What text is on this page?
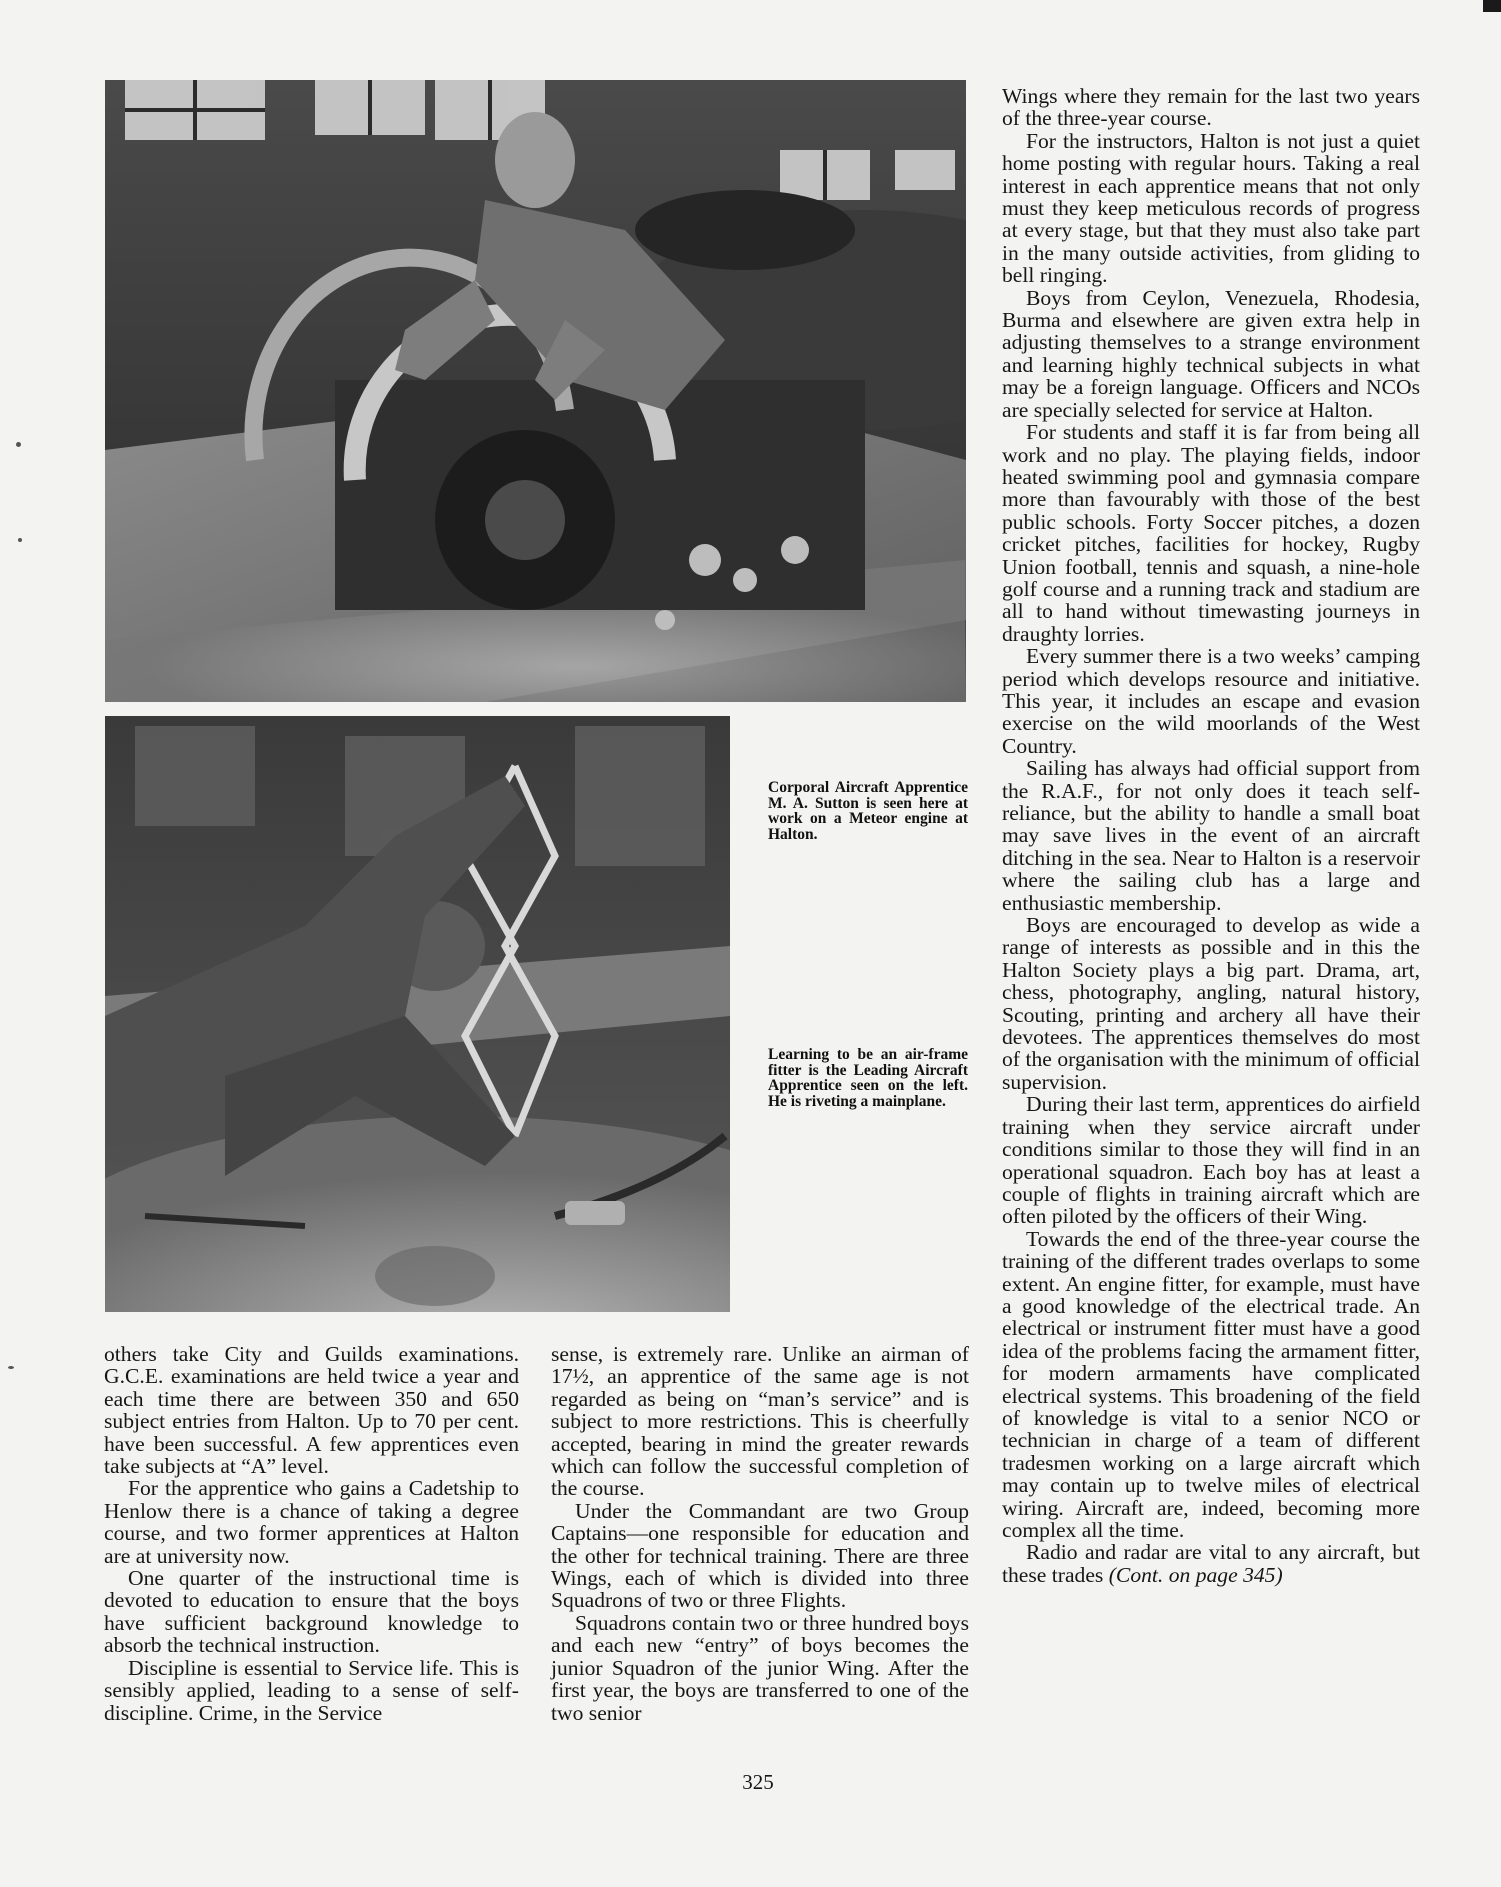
Corporal Aircraft Apprentice M. A. Sutton is seen here at work on a Meteor engine at Halton.
Learning to be an air-frame fitter is the Leading Aircraft Apprentice seen on the left. He is riveting a mainplane.

others take City and Guilds examinations. G.C.E. examinations are held twice a year and each time there are between 350 and 650 subject entries from Halton. Up to 70 per cent. have been successful. A few apprentices even take subjects at “A” level.

For the apprentice who gains a Cadetship to Henlow there is a chance of taking a degree course, and two former apprentices at Halton are at university now.

One quarter of the instructional time is devoted to education to ensure that the boys have sufficient background knowledge to absorb the technical instruction.

Discipline is essential to Service life. This is sensibly applied, leading to a sense of self-discipline. Crime, in the Service

sense, is extremely rare. Unlike an airman of 17½, an apprentice of the same age is not regarded as being on “man’s service” and is subject to more restrictions. This is cheerfully accepted, bearing in mind the greater rewards which can follow the successful completion of the course.

Under the Commandant are two Group Captains—one responsible for education and the other for technical training. There are three Wings, each of which is divided into three Squadrons of two or three Flights.

Squadrons contain two or three hundred boys and each new “entry” of boys becomes the junior Squadron of the junior Wing. After the first year, the boys are transferred to one of the two senior

Wings where they remain for the last two years of the three-year course.

For the instructors, Halton is not just a quiet home posting with regular hours. Taking a real interest in each apprentice means that not only must they keep meticulous records of progress at every stage, but that they must also take part in the many outside activities, from gliding to bell ringing.

Boys from Ceylon, Venezuela, Rhodesia, Burma and elsewhere are given extra help in adjusting themselves to a strange environment and learning highly technical subjects in what may be a foreign language. Officers and NCOs are specially selected for service at Halton.

For students and staff it is far from being all work and no play. The playing fields, indoor heated swimming pool and gymnasia compare more than favourably with those of the best public schools. Forty Soccer pitches, a dozen cricket pitches, facilities for hockey, Rugby Union football, tennis and squash, a nine-hole golf course and a running track and stadium are all to hand without timewasting journeys in draughty lorries.

Every summer there is a two weeks’ camping period which develops resource and initiative. This year, it includes an escape and evasion exercise on the wild moorlands of the West Country.

Sailing has always had official support from the R.A.F., for not only does it teach self-reliance, but the ability to handle a small boat may save lives in the event of an aircraft ditching in the sea. Near to Halton is a reservoir where the sailing club has a large and enthusiastic membership.

Boys are encouraged to develop as wide a range of interests as possible and in this the Halton Society plays a big part. Drama, art, chess, photography, angling, natural history, Scouting, printing and archery all have their devotees. The apprentices themselves do most of the organisation with the minimum of official supervision.

During their last term, apprentices do airfield training when they service aircraft under conditions similar to those they will find in an operational squadron. Each boy has at least a couple of flights in training aircraft which are often piloted by the officers of their Wing.

Towards the end of the three-year course the training of the different trades overlaps to some extent. An engine fitter, for example, must have a good knowledge of the electrical trade. An electrical or instrument fitter must have a good idea of the problems facing the armament fitter, for modern armaments have complicated electrical systems. This broadening of the field of knowledge is vital to a senior NCO or technician in charge of a team of different tradesmen working on a large aircraft which may contain up to twelve miles of electrical wiring. Aircraft are, indeed, becoming more complex all the time.

Radio and radar are vital to any aircraft, but these trades (Cont. on page 345)

325
